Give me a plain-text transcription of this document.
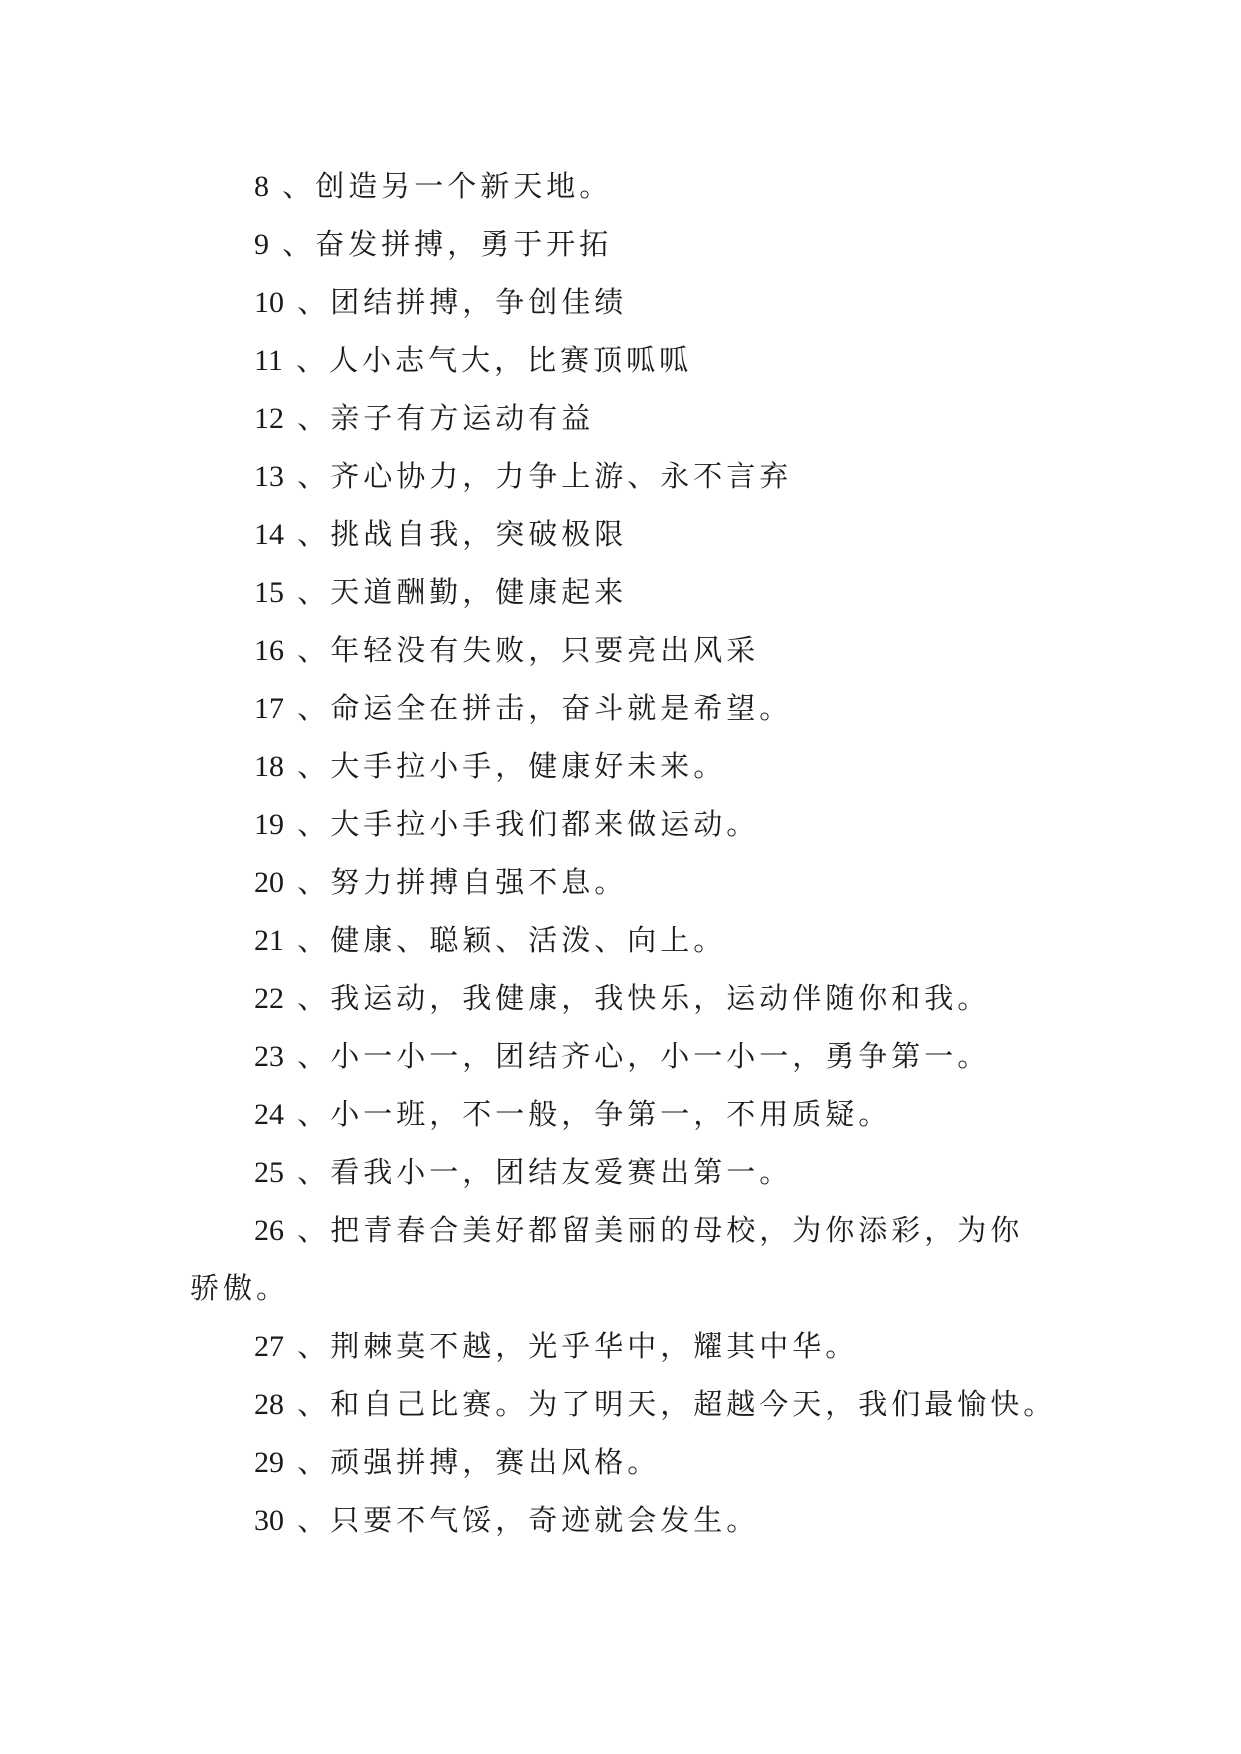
8 、创造另一个新天地。
9 、奋发拼搏，勇于开拓
10 、团结拼搏，争创佳绩
11 、人小志气大，比赛顶呱呱
12 、亲子有方运动有益
13 、齐心协力，力争上游、永不言弃
14 、挑战自我，突破极限
15 、天道酬勤，健康起来
16 、年轻没有失败，只要亮出风采
17 、命运全在拼击，奋斗就是希望。
18 、大手拉小手，健康好未来。
19 、大手拉小手我们都来做运动。
20 、努力拼搏自强不息。
21 、健康、聪颖、活泼、向上。
22 、我运动，我健康，我快乐，运动伴随你和我。
23 、小一小一，团结齐心，小一小一，勇争第一。
24 、小一班，不一般，争第一，不用质疑。
25 、看我小一，团结友爱赛出第一。
26 、把青春合美好都留美丽的母校，为你添彩，为你
骄傲。
27 、荆棘莫不越，光乎华中，耀其中华。
28 、和自己比赛。为了明天，超越今天，我们最愉快。
29 、顽强拼搏，赛出风格。
30 、只要不气馁，奇迹就会发生。
